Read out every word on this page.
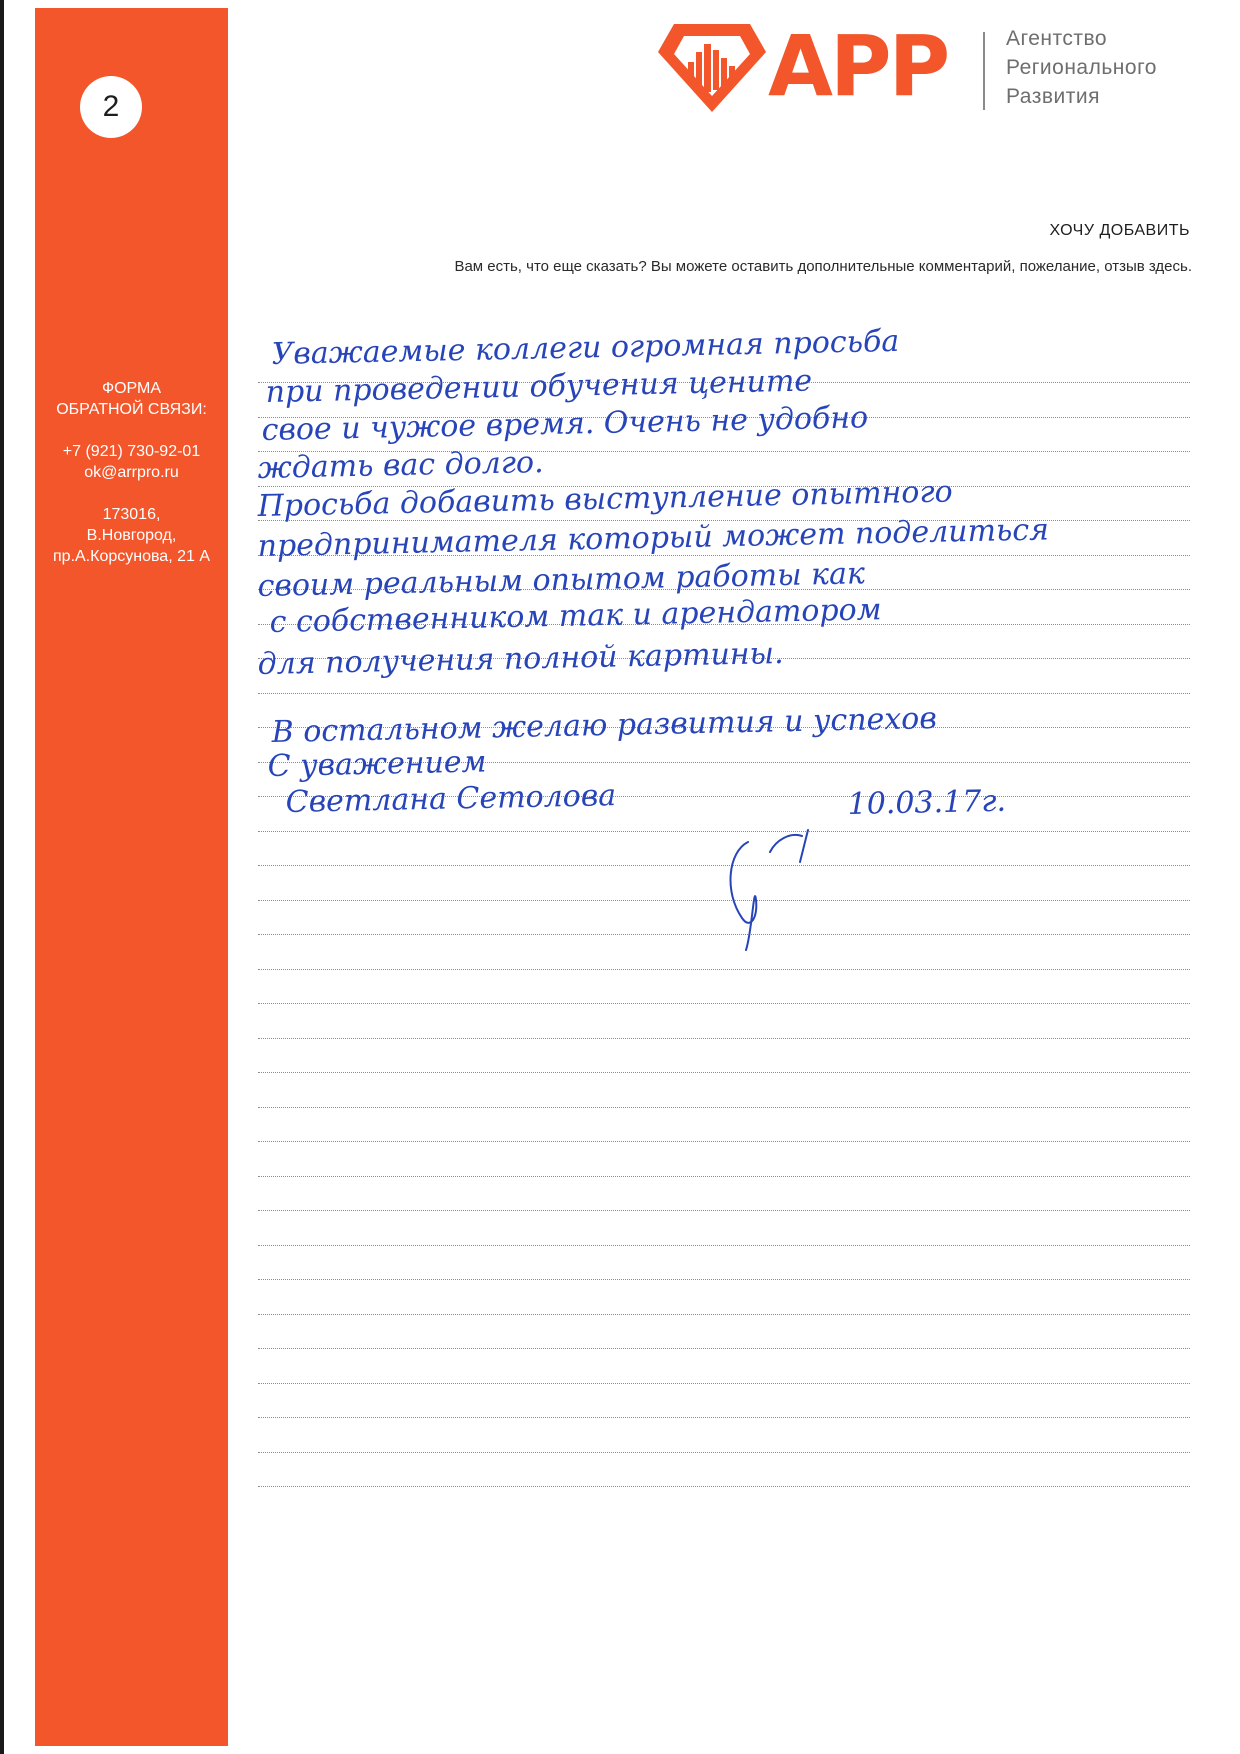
2
ФОРМА
ОБРАТНОЙ СВЯЗИ:
+7 (921) 730-92-01
ok@arrpro.ru
173016,
В.Новгород,
пр.А.Корсунова, 21 А
АРР	Агентство
Регионального
Развития
ХОЧУ ДОБАВИТЬ
Вам есть, что еще сказать? Вы можете оставить дополнительные комментарий, пожелание, отзыв здесь.
Уважаемые коллеги огромная просьба
при проведении обучения цените
свое и чужое время. Очень не удобно
ждать вас долго.
Просьба добавить выступление опытного
предпринимателя который может поделиться
своим реальным опытом работы как
с собственником так и арендатором
для получения полной картины.
В остальном желаю развития и успехов
С уважением
Светлана Сетолова	10.03.17г.
